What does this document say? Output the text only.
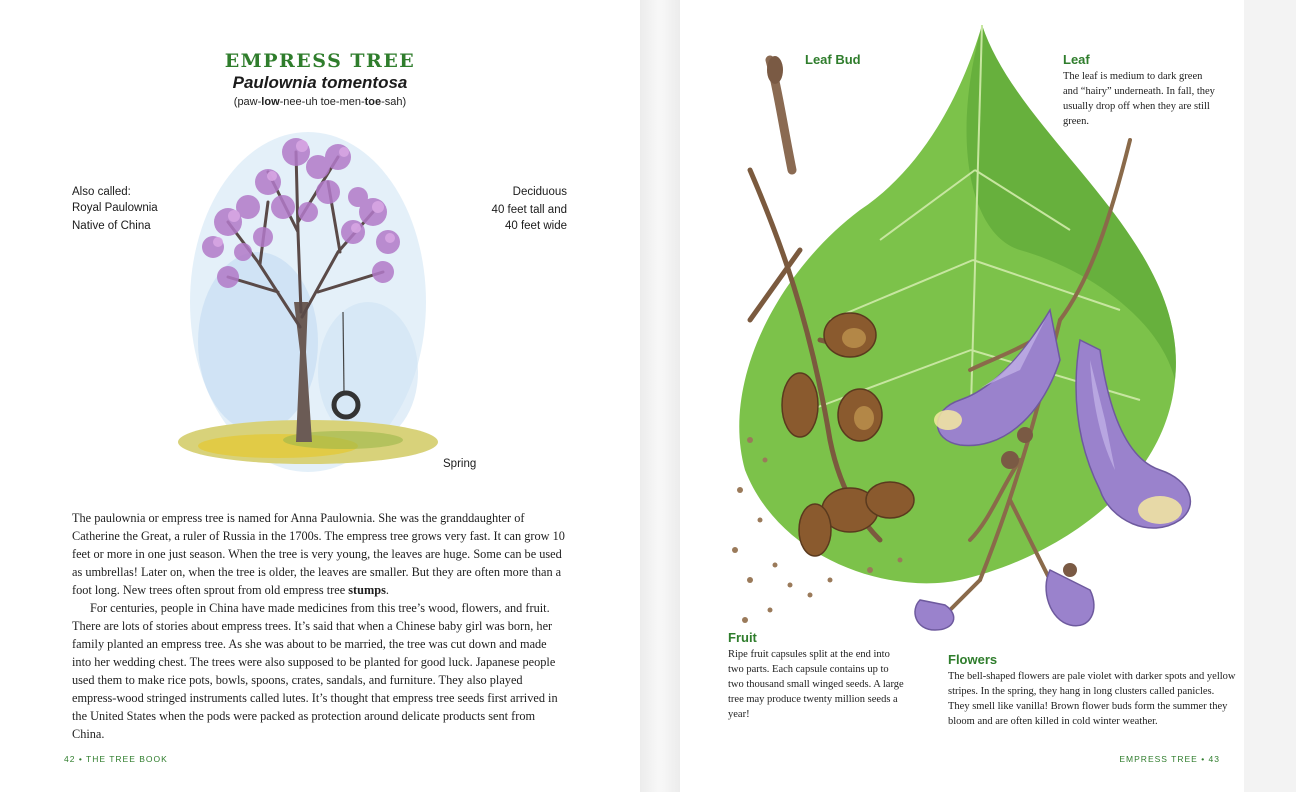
EMPRESS TREE
Paulownia tomentosa
(paw-low-nee-uh toe-men-toe-sah)
Also called:
Royal Paulownia
Native of China
Deciduous
40 feet tall and
40 feet wide
Spring

The paulownia or empress tree is named for Anna Paulownia. She was the granddaughter of Catherine the Great, a ruler of Russia in the 1700s. The empress tree grows very fast. It can grow 10 feet or more in one just season. When the tree is very young, the leaves are huge. Some can be used as umbrellas! Later on, when the tree is older, the leaves are smaller. But they are often more than a foot long. New trees often sprout from old empress tree stumps.

For centuries, people in China have made medicines from this tree’s wood, flowers, and fruit. There are lots of stories about empress trees. It’s said that when a Chinese baby girl was born, her family planted an empress tree. As she was about to be married, the tree was cut down and made into her wedding chest. The trees were also supposed to be planted for good luck. Japanese people used them to make rice pots, bowls, spoons, crates, sandals, and furniture. They also played empress-wood stringed instruments called lutes. It’s thought that empress tree seeds first arrived in the United States when the pods were packed as protection around delicate products sent from China.

42 • THE TREE BOOK
Leaf Bud	Leaf
The leaf is medium to dark green and “hairy” underneath. In fall, they usually drop off when they are still green.
Fruit
Ripe fruit capsules split at the end into two parts. Each capsule contains up to two thousand small winged seeds. A large tree may produce twenty million seeds a year!
Flowers
The bell-shaped flowers are pale violet with darker spots and yellow stripes. In the spring, they hang in long clusters called panicles. They smell like vanilla! Brown flower buds form the summer they bloom and are often killed in cold winter weather.
EMPRESS TREE • 43
